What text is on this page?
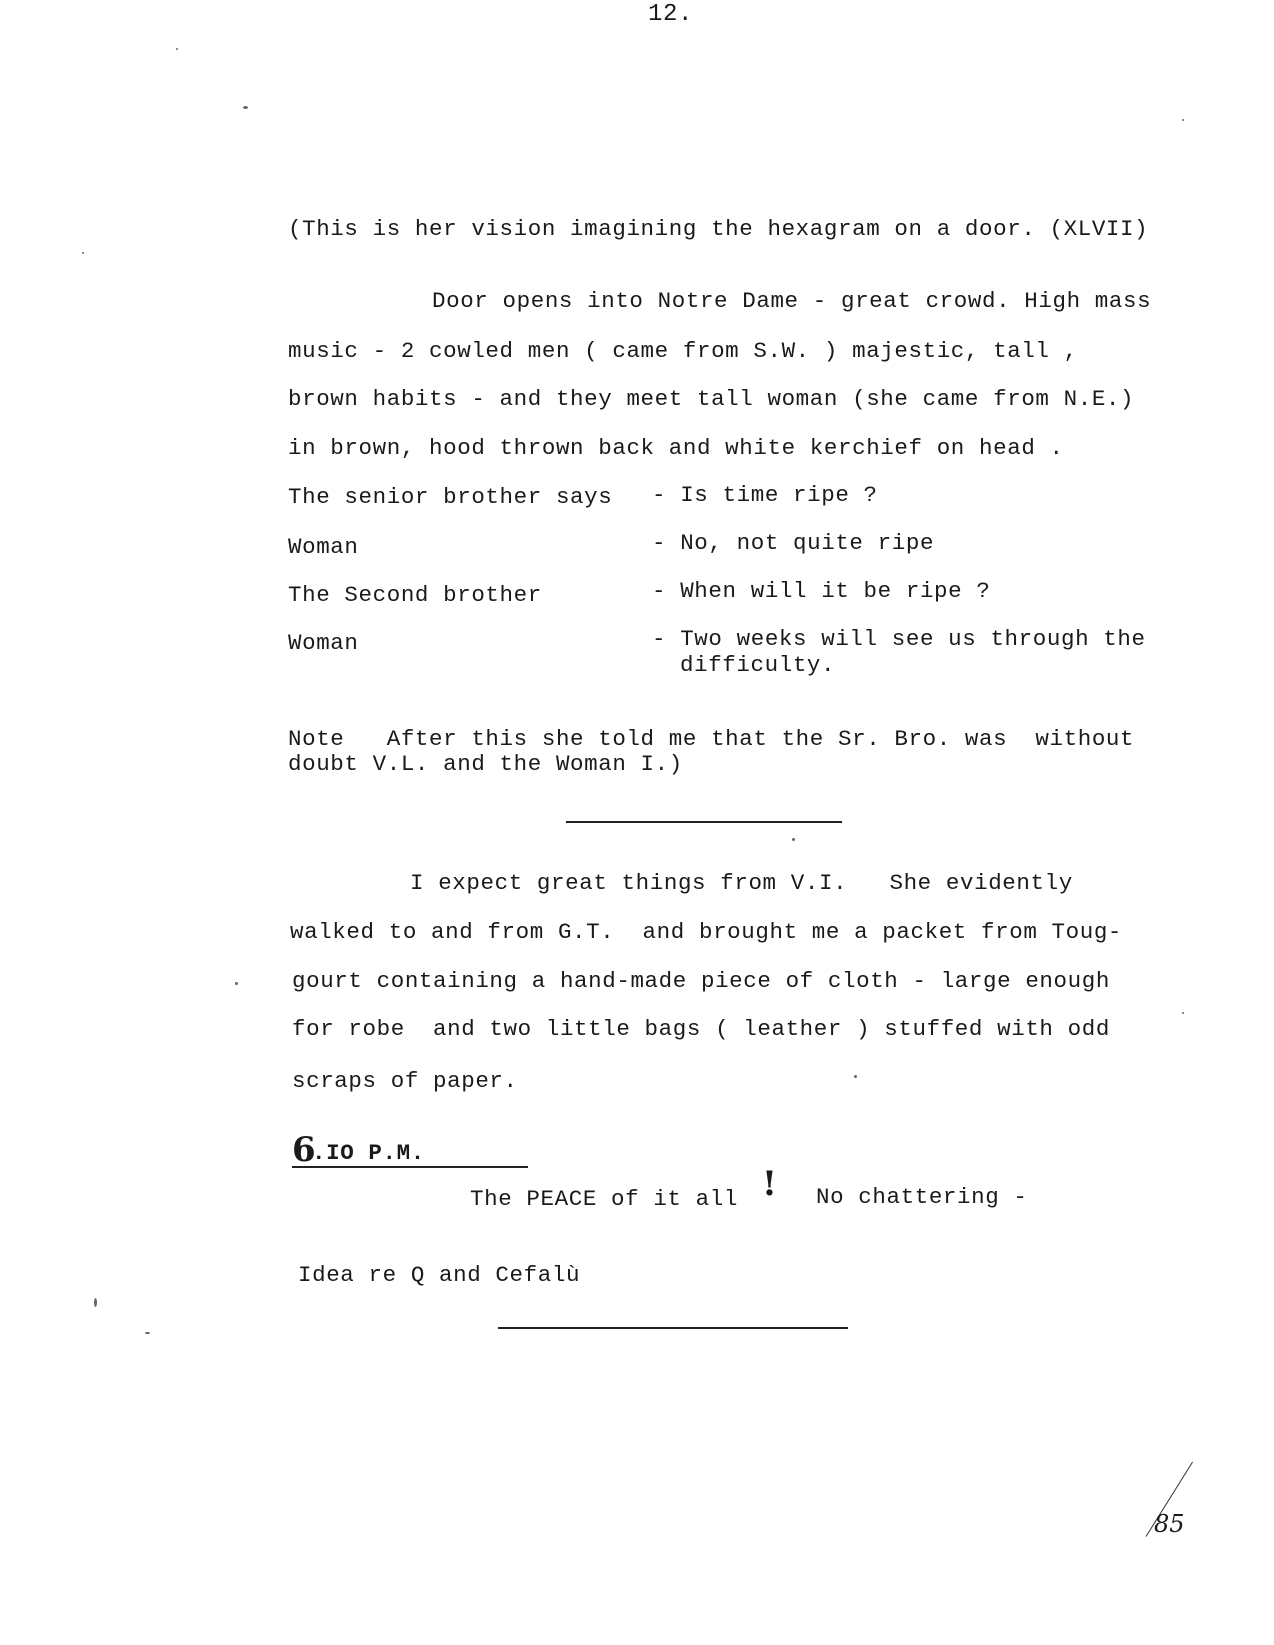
12.
(This is her vision imagining the hexagram on a door. (XLVII)
Door opens into Notre Dame - great crowd. High mass
music - 2 cowled men ( came from S.W. ) majestic, tall ,
brown habits - and they meet tall woman (she came from N.E.)
in brown, hood thrown back and white kerchief on head .
The senior brother says - Is time ripe ?
Woman	- No, not quite ripe
The Second brother	- When will it be ripe ?
Woman	- Two weeks will see us through the
difficulty.
Note   After this she told me that the Sr. Bro. was  without
doubt V.L. and the Woman I.)
I expect great things from V.I.   She evidently
walked to and from G.T.  and brought me a packet from Toug-
gourt containing a hand-made piece of cloth - large enough
for robe  and two little bags ( leather ) stuffed with odd
scraps of paper.
6
.IO P.M.
The PEACE of it all ! No chattering -
Idea re Q and Cefalù
85
